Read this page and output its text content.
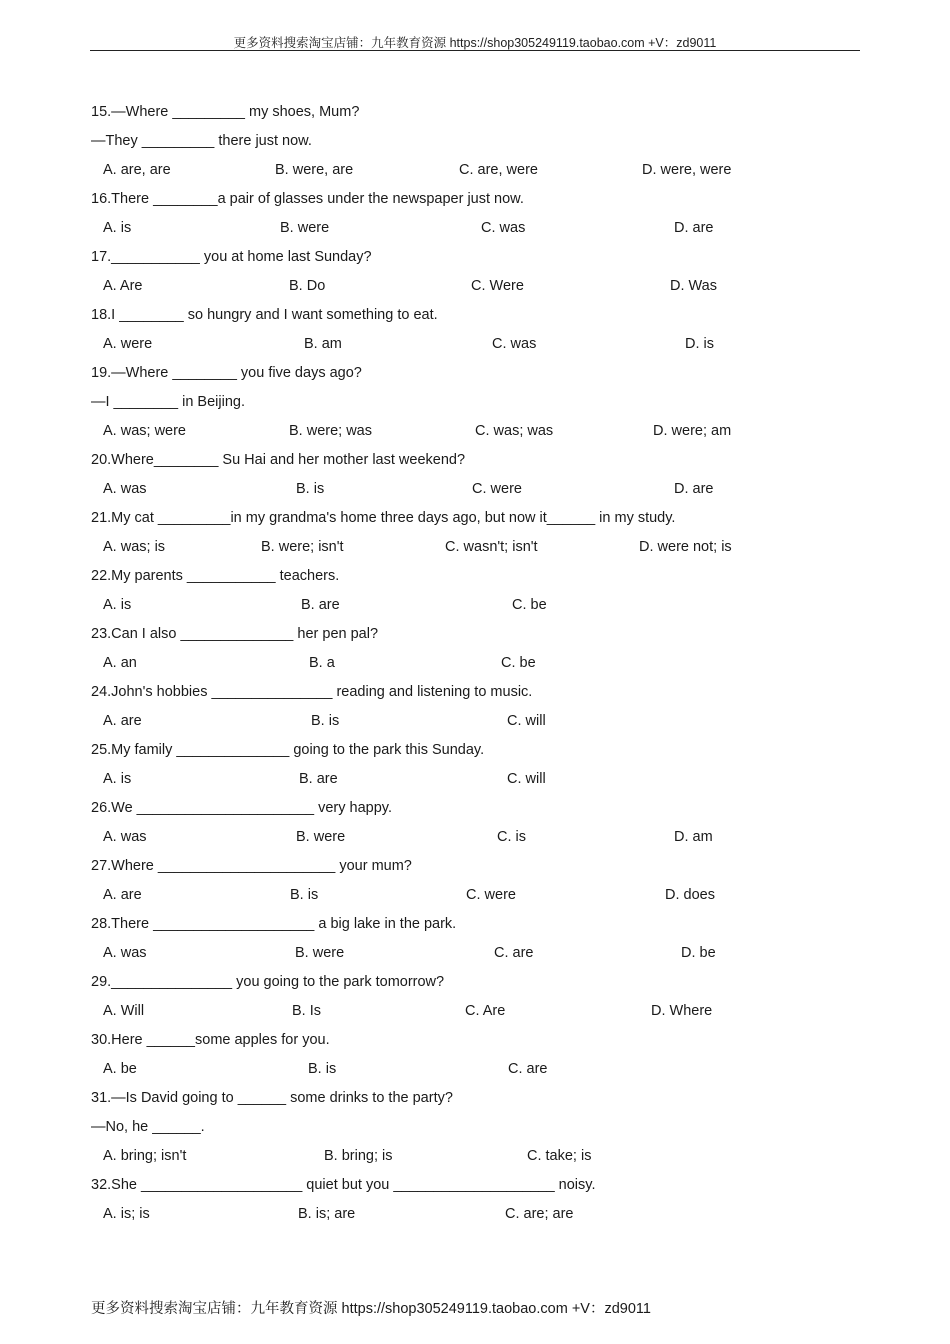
更多资料搜索淘宝店铺：九年教育资源 https://shop305249119.taobao.com +V：zd9011
15.—Where _________ my shoes, Mum?
—They _________ there just now.
A. are, are	B. were, are	C. are, were	D. were, were
16.There ________a pair of glasses under the newspaper just now.
A. is	B. were	C. was	D. are
17.___________ you at home last Sunday?
A. Are	B. Do	C. Were	D. Was
18.I ________ so hungry and I want something to eat.
A. were	B. am	C. was	D. is
19.—Where ________ you five days ago?
—I ________ in Beijing.
A. was; were	B. were; was	C. was; was	D. were; am
20.Where________ Su Hai and her mother last weekend?
A. was	B. is	C. were	D. are
21.My cat _________in my grandma's home three days ago, but now it______ in my study.
A. was; is	B. were; isn't	C. wasn't; isn't	D. were not; is
22.My parents ___________ teachers.
A. is	B. are	C. be
23.Can I also ______________ her pen pal?
A. an	B. a	C. be
24.John's hobbies _______________ reading and listening to music.
A. are	B. is	C. will
25.My family ______________ going to the park this Sunday.
A. is	B. are	C. will
26.We ______________________ very happy.
A. was	B. were	C. is	D. am
27.Where ______________________ your mum?
A. are	B. is	C. were	D. does
28.There ____________________ a big lake in the park.
A. was	B. were	C. are	D. be
29._______________ you going to the park tomorrow?
A. Will	B. Is	C. Are	D. Where
30.Here ______some apples for you.
A. be	B. is	C. are
31.—Is David going to ______ some drinks to the party?
—No, he ______.
A. bring; isn't	B. bring; is	C. take; is
32.She ____________________ quiet but you ____________________ noisy.
A. is; is	B. is; are	C. are; are
更多资料搜索淘宝店铺：九年教育资源 https://shop305249119.taobao.com +V：zd9011
